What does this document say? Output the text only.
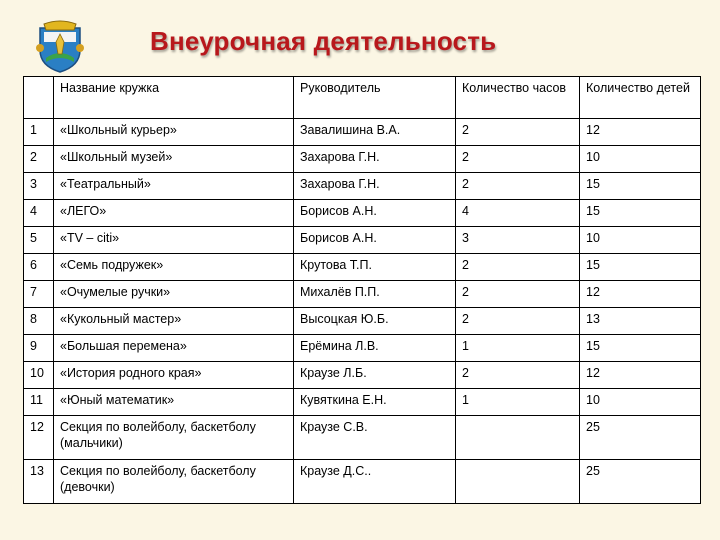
Внеурочная деятельность
	Название кружка	Руководитель	Количество часов	Количество детей
1	«Школьный курьер»	Завалишина В.А.	2	12
2	«Школьный музей»	Захарова Г.Н.	2	10
3	«Театральный»	Захарова Г.Н.	2	15
4	«ЛЕГО»	Борисов А.Н.	4	15
5	«TV – citi»	Борисов А.Н.	3	10
6	«Семь подружек»	Крутова Т.П.	2	15
7	«Очумелые ручки»	Михалёв П.П.	2	12
8	«Кукольный мастер»	Высоцкая Ю.Б.	2	13
9	«Большая перемена»	Ерёмина Л.В.	1	15
10	«История родного края»	Краузе Л.Б.	2	12
11	«Юный математик»	Кувяткина Е.Н.	1	10
12	Секция по волейболу, баскетболу (мальчики)	Краузе С.В.		25
13	Секция по волейболу, баскетболу (девочки)	Краузе Д.С..		25
